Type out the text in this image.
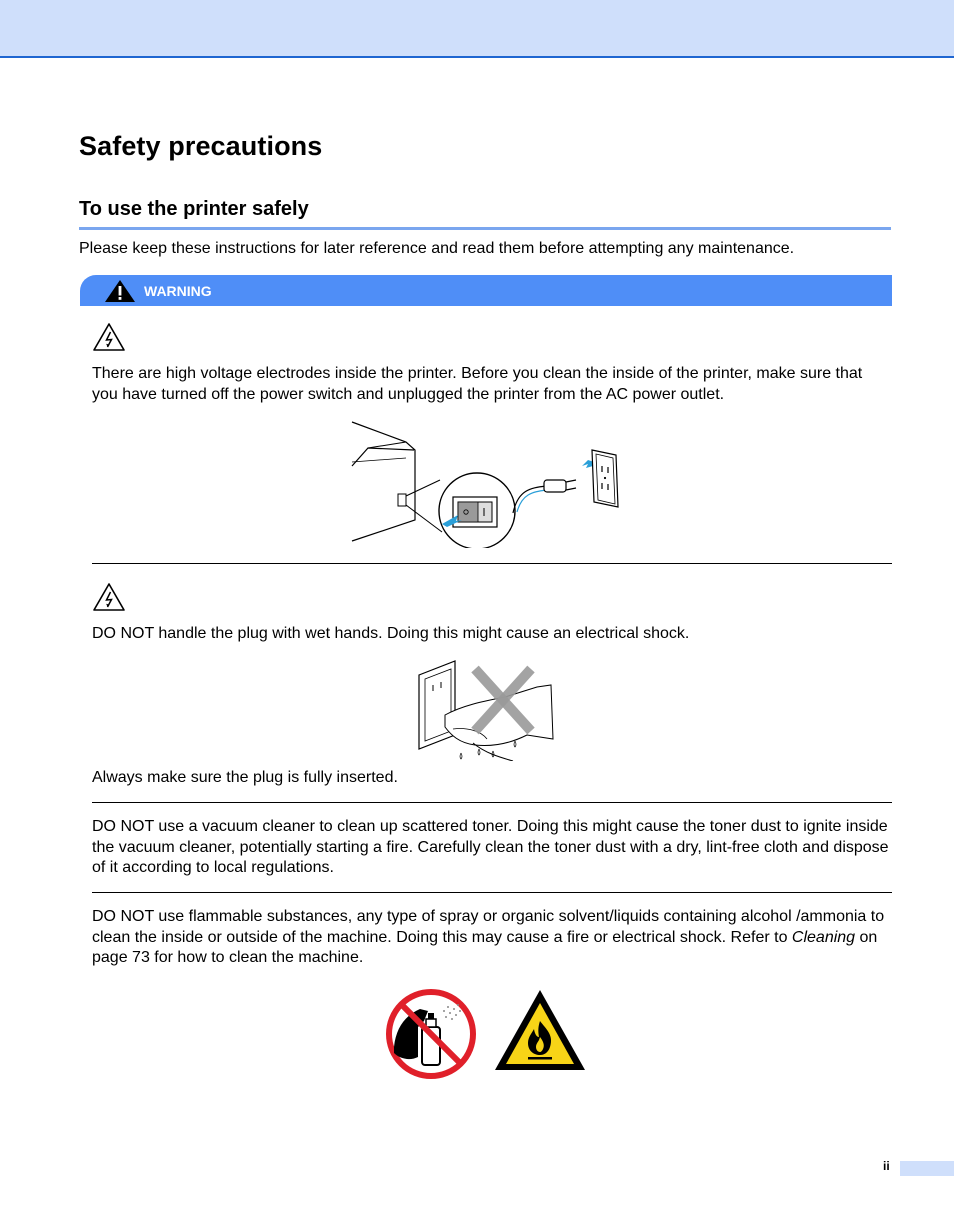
Safety precautions
To use the printer safely

Please keep these instructions for later reference and read them before attempting any maintenance.

WARNING

There are high voltage electrodes inside the printer. Before you clean the inside of the printer, make sure that you have turned off the power switch and unplugged the printer from the AC power outlet.

DO NOT handle the plug with wet hands. Doing this might cause an electrical shock.

Always make sure the plug is fully inserted.

DO NOT use a vacuum cleaner to clean up scattered toner. Doing this might cause the toner dust to ignite inside the vacuum cleaner, potentially starting a fire. Carefully clean the toner dust with a dry, lint-free cloth and dispose of it according to local regulations.

DO NOT use flammable substances, any type of spray or organic solvent/liquids containing alcohol /ammonia to clean the inside or outside of the machine. Doing this may cause a fire or electrical shock. Refer to Cleaning on page 73 for how to clean the machine.

ii
